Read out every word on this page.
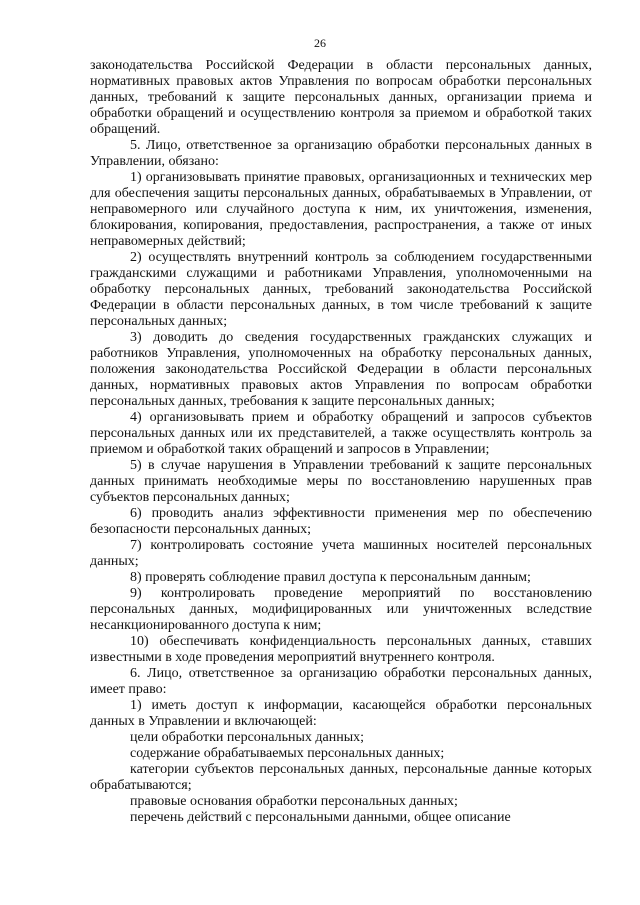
26

законодательства Российской Федерации в области персональных данных, нормативных правовых актов Управления по вопросам обработки персональных данных, требований к защите персональных данных, организации приема и обработки обращений и осуществлению контроля за приемом и обработкой таких обращений.

5. Лицо, ответственное за организацию обработки персональных данных в Управлении, обязано:

1) организовывать принятие правовых, организационных и технических мер для обеспечения защиты персональных данных, обрабатываемых в Управлении, от неправомерного или случайного доступа к ним, их уничтожения, изменения, блокирования, копирования, предоставления, распространения, а также от иных неправомерных действий;

2) осуществлять внутренний контроль за соблюдением государственными гражданскими служащими и работниками Управления, уполномоченными на обработку персональных данных, требований законодательства Российской Федерации в области персональных данных, в том числе требований к защите персональных данных;

3) доводить до сведения государственных гражданских служащих и работников Управления, уполномоченных на обработку персональных данных, положения законодательства Российской Федерации в области персональных данных, нормативных правовых актов Управления по вопросам обработки персональных данных, требования к защите персональных данных;

4) организовывать прием и обработку обращений и запросов субъектов персональных данных или их представителей, а также осуществлять контроль за приемом и обработкой таких обращений и запросов в Управлении;

5) в случае нарушения в Управлении требований к защите персональных данных принимать необходимые меры по восстановлению нарушенных прав субъектов персональных данных;

6) проводить анализ эффективности применения мер по обеспечению безопасности персональных данных;

7) контролировать состояние учета машинных носителей персональных данных;

8) проверять соблюдение правил доступа к персональным данным;

9) контролировать проведение мероприятий по восстановлению персональных данных, модифицированных или уничтоженных вследствие несанкционированного доступа к ним;

10) обеспечивать конфиденциальность персональных данных, ставших известными в ходе проведения мероприятий внутреннего контроля.

6. Лицо, ответственное за организацию обработки персональных данных, имеет право:

1) иметь доступ к информации, касающейся обработки персональных данных в Управлении и включающей:

цели обработки персональных данных;

содержание обрабатываемых персональных данных;

категории субъектов персональных данных, персональные данные которых обрабатываются;

правовые основания обработки персональных данных;

перечень действий с персональными данными, общее описание
